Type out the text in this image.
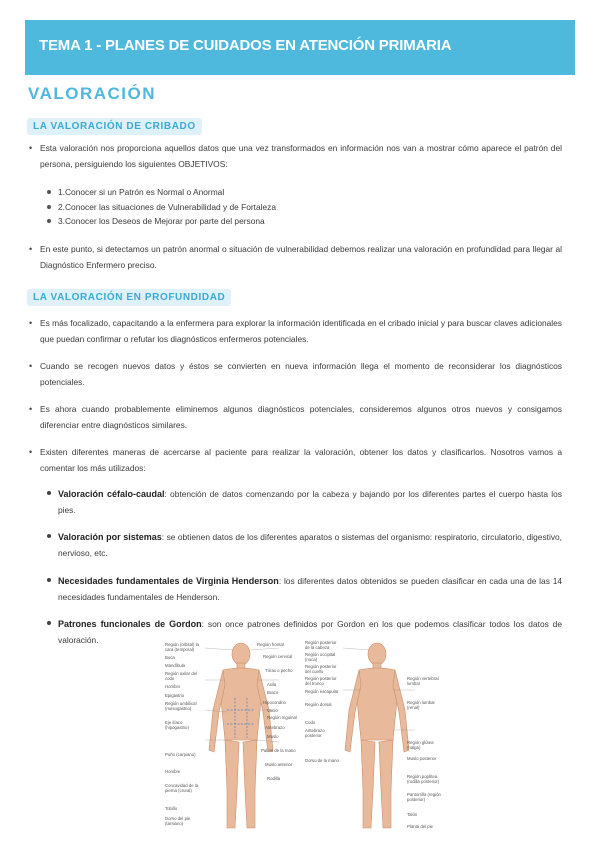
TEMA 1 - PLANES DE CUIDADOS EN ATENCIÓN PRIMARIA
VALORACIÓN
LA VALORACIÓN DE CRIBADO
• Esta valoración nos proporciona aquellos datos que una vez transformados en información nos van a mostrar cómo aparece el patrón del persona, persiguiendo los siguientes OBJETIVOS:
1.Conocer si un Patrón es Normal o Anormal
2.Conocer las situaciones de Vulnerabilidad y de Fortaleza
3.Conocer los Deseos de Mejorar por parte del persona
• En este punto, si detectamos un patrón anormal o situación de vulnerabilidad debemos realizar una valoración en profundidad para llegar al Diagnóstico Enfermero preciso.
LA VALORACIÓN EN PROFUNDIDAD
• Es más focalizado, capacitando a la enfermera para explorar la información identificada en el cribado inicial y para buscar claves adicionales que puedan confirmar o refutar los diagnósticos enfermeros potenciales.
• Cuando se recogen nuevos datos y éstos se convierten en nueva información llega el momento de reconsiderar los diagnósticos potenciales.
• Es ahora cuando probablemente eliminemos algunos diagnósticos potenciales, consideremos algunos otros nuevos y consigamos diferenciar entre diagnósticos similares.
• Existen diferentes maneras de acercarse al paciente para realizar la valoración, obtener los datos y clasificarlos. Nosotros vamos a comentar los más utilizados:
Valoración céfalo-caudal: obtención de datos comenzando por la cabeza y bajando por los diferentes partes el cuerpo hasta los pies.
Valoración por sistemas: se obtienen datos de los diferentes aparatos o sistemas del organismo: respiratorio, circulatorio, digestivo, nervioso, etc.
Necesidades fundamentales de Virginia Henderson: los diferentes datos obtenidos se pueden clasificar en cada una de las 14 necesidades fundamentales de Henderson.
Patrones funcionales de Gordon: son once patrones definidos por Gordon en los que podemos clasificar todos los datos de valoración.	Región (orbital) la cara (temporal)
Boca
Mandíbula
Región axilar del codo
Hombro
Epigastrio
Región umbilical (mesogastrio)
Eje ilíaco (hipogastrio)
Puño (carpiano)
Hombre
Concavidad de la pierna (crural)
Tobillo
Dorso del pie (tarsiano)
Región frontal
Región cervical
Tórax o pecho
Axila
Brazo
Hipocondrio
Vacío
Región Inguinal
Antebrazo
Muslo
Palma de la mano
Muslo anterior
Rodilla
Región posterior de la cabeza
Región occipital (nuca)
Región posterior del cuello
Región posterior del tronco
Región escapular
Región dorsal
Codo
Antebrazo posterior
Dorso de la mano
Región vertebral lumbar
Región lumbar (renal)
Región glútea (nalga)
Muslo posterior
Región poplítea (rodilla posterior)
Pantorrilla (región posterior)
Talón
Planta del pie
